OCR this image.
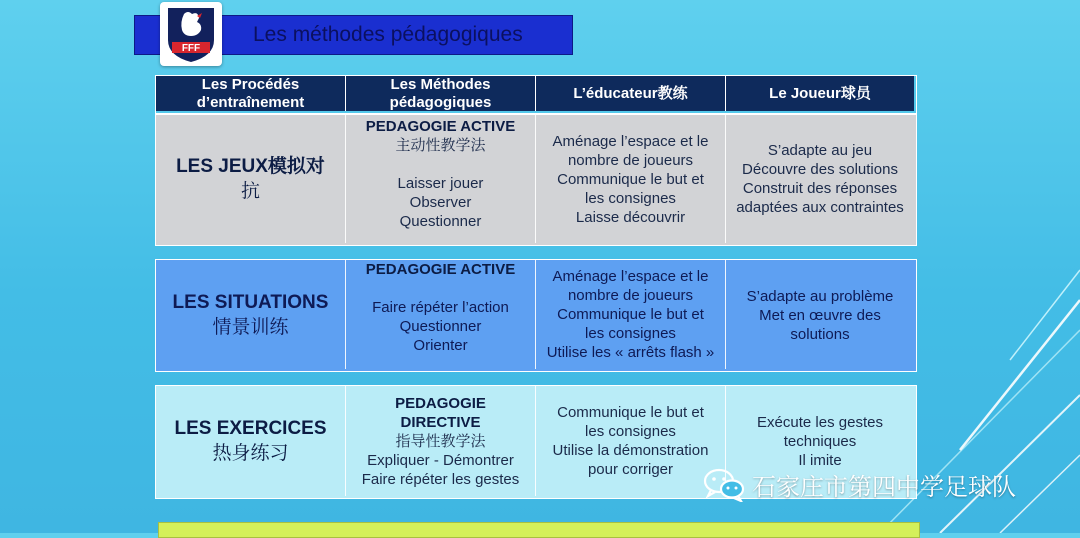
Les méthodes pédagogiques
FFF
Les Procédés
d’entraînement
Les Méthodes
pédagogiques
L’éducateur教练	Le Joueur球员
LES JEUX模拟对
抗
PEDAGOGIE ACTIVE
主动性教学法
Laisser jouer
Observer
Questionner
Aménage l’espace et le
nombre de joueurs
Communique le but et
les consignes
Laisse découvrir
S’adapte au jeu
Découvre des solutions
Construit des réponses
adaptées aux contraintes
LES SITUATIONS
情景训练
PEDAGOGIE ACTIVE
Faire répéter l’action
Questionner
Orienter
Aménage l’espace et le
nombre de joueurs
Communique le but et
les consignes
Utilise les « arrêts flash »
S’adapte au problème
Met en œuvre des
solutions
LES EXERCICES
热身练习
PEDAGOGIE
DIRECTIVE
指导性教学法
Expliquer - Démontrer
Faire répéter les gestes
Communique le but et
les consignes
Utilise la démonstration
pour corriger
Exécute les gestes
techniques
Il imite
石家庄市第四中学足球队
